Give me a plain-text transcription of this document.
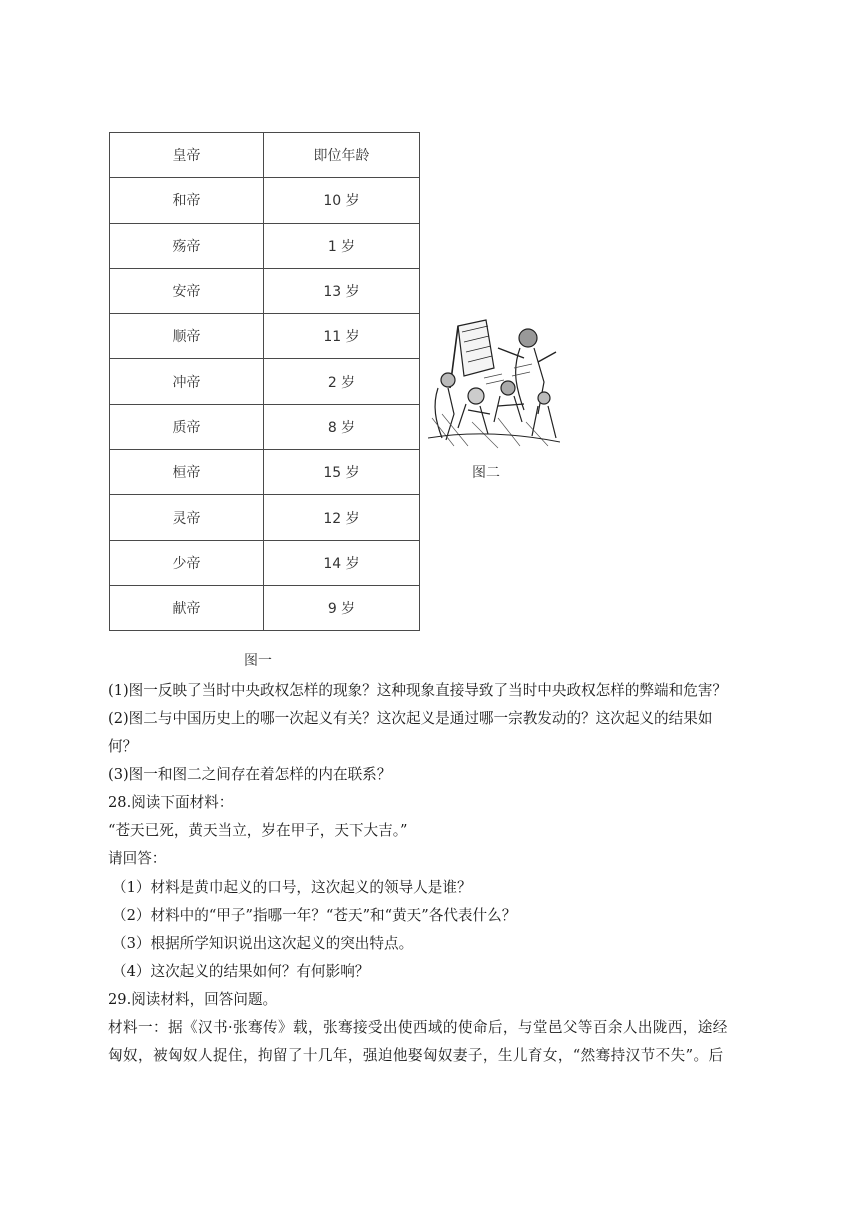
皇帝	即位年龄
和帝	10 岁
殇帝	1 岁
安帝	13 岁
顺帝	11 岁
冲帝	2 岁
质帝	8 岁
桓帝	15 岁
灵帝	12 岁
少帝	14 岁
献帝	9 岁
图一
图二
(1)图一反映了当时中央政权怎样的现象？这种现象直接导致了当时中央政权怎样的弊端和危害？
(2)图二与中国历史上的哪一次起义有关？这次起义是通过哪一宗教发动的？这次起义的结果如
何？
(3)图一和图二之间存在着怎样的内在联系？
28.阅读下面材料：
“苍天已死，黄天当立，岁在甲子，天下大吉。”
请回答：
（1）材料是黄巾起义的口号，这次起义的领导人是谁？
（2）材料中的“甲子”指哪一年？“苍天”和“黄天”各代表什么？
（3）根据所学知识说出这次起义的突出特点。
（4）这次起义的结果如何？有何影响？
29.阅读材料，回答问题。
材料一：据《汉书·张骞传》载，张骞接受出使西域的使命后，与堂邑父等百余人出陇西，途经
匈奴，被匈奴人捉住，拘留了十几年，强迫他娶匈奴妻子，生儿育女，“然骞持汉节不失”。后
